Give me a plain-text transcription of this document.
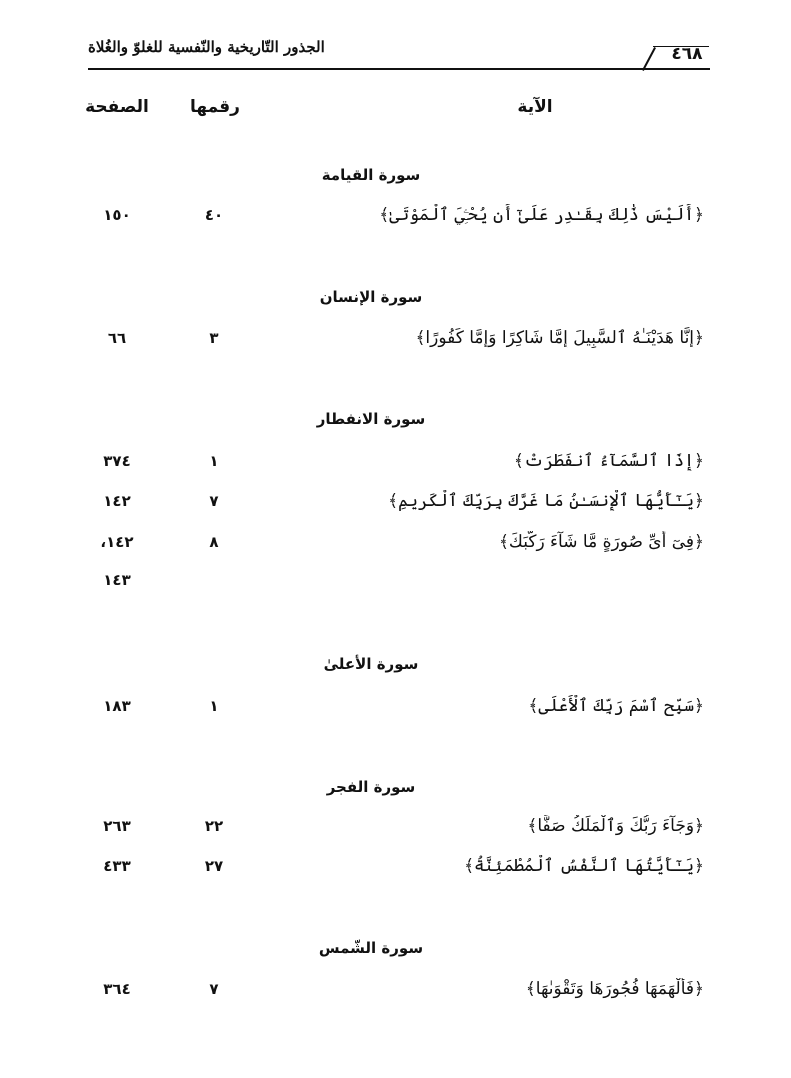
الجذور التّاريخية والنّفسية للغلوّ والغُلاة	٤٦٨
الآية
رقمها
الصفحة
سورة القيامة
﴿أَلَيْسَ ذَٰلِكَ بِقَـٰدِرٍ عَلَىٰٓ أَن يُحْـِۧيَ ٱلْمَوْتَىٰ﴾
٤٠
١٥٠
سورة الإنسان
﴿إِنَّا هَدَيْنَـٰهُ ٱلسَّبِيلَ إِمَّا شَاكِرًا وَإِمَّا كَفُورًا﴾
٣
٦٦
سورة الانفطار
﴿إِذَا ٱلسَّمَآءُ ٱنفَطَرَتْ﴾
١
٣٧٤
﴿يَـٰٓأَيُّهَا ٱلْإِنسَـٰنُ مَا غَرَّكَ بِرَبِّكَ ٱلْكَرِيمِ﴾
٧
١٤٢
﴿فِىٓ أَىِّ صُورَةٍ مَّا شَآءَ رَكَّبَكَ﴾
٨
١٤٢،
١٤٣
سورة الأعلىٰ
﴿سَبِّحِ ٱسْمَ رَبِّكَ ٱلْأَعْلَى﴾
١
١٨٣
سورة الفجر
﴿وَجَآءَ رَبُّكَ وَٱلْمَلَكُ صَفًّا﴾
٢٢
٢٦٣
﴿يَـٰٓأَيَّتُهَا ٱلنَّفْسُ ٱلْمُطْمَئِنَّةُ﴾
٢٧
٤٣٣
سورة الشّمس
﴿فَأَلْهَمَهَا فُجُورَهَا وَتَقْوَىٰهَا﴾
٧
٣٦٤
